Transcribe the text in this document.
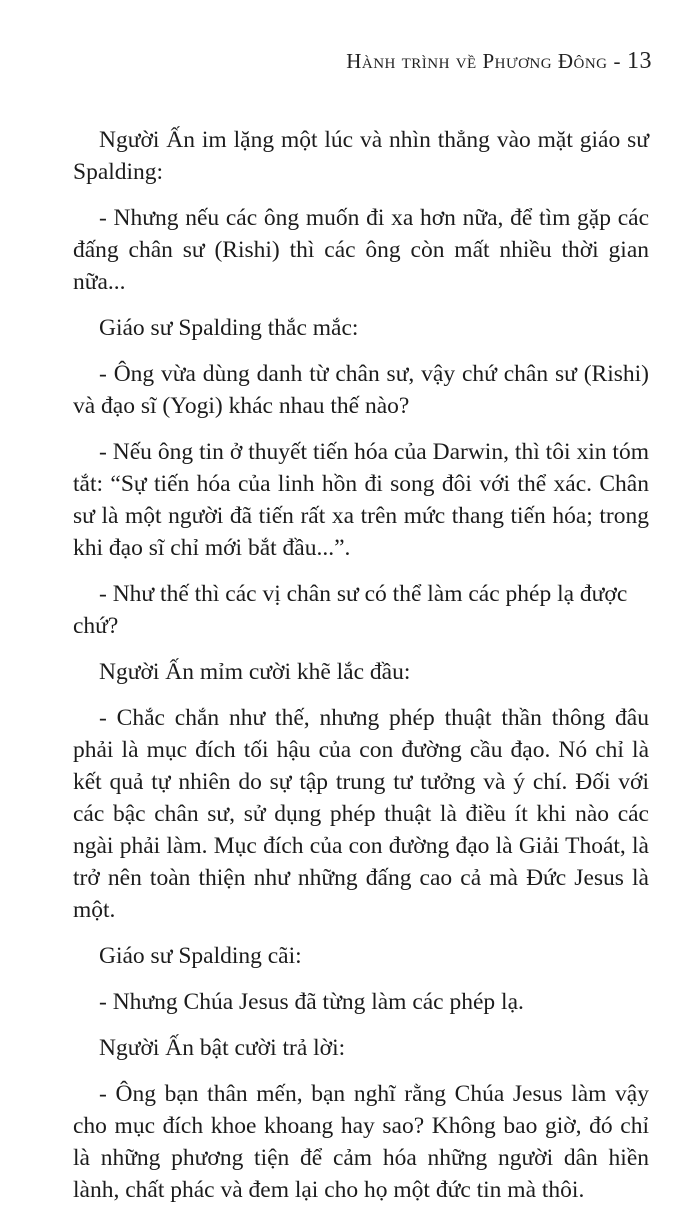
Hành trình về Phương Đông - 13

Người Ấn im lặng một lúc và nhìn thẳng vào mặt giáo sư Spalding:

- Nhưng nếu các ông muốn đi xa hơn nữa, để tìm gặp các đấng chân sư (Rishi) thì các ông còn mất nhiều thời gian nữa...

Giáo sư Spalding thắc mắc:

- Ông vừa dùng danh từ chân sư, vậy chứ chân sư (Rishi) và đạo sĩ (Yogi) khác nhau thế nào?

- Nếu ông tin ở thuyết tiến hóa của Darwin, thì tôi xin tóm tắt: “Sự tiến hóa của linh hồn đi song đôi với thể xác. Chân sư là một người đã tiến rất xa trên mức thang tiến hóa; trong khi đạo sĩ chỉ mới bắt đầu...”.

- Như thế thì các vị chân sư có thể làm các phép lạ được chứ?

Người Ấn mỉm cười khẽ lắc đầu:

- Chắc chắn như thế, nhưng phép thuật thần thông đâu phải là mục đích tối hậu của con đường cầu đạo. Nó chỉ là kết quả tự nhiên do sự tập trung tư tưởng và ý chí. Đối với các bậc chân sư, sử dụng phép thuật là điều ít khi nào các ngài phải làm. Mục đích của con đường đạo là Giải Thoát, là trở nên toàn thiện như những đấng cao cả mà Đức Jesus là một.

Giáo sư Spalding cãi:

- Nhưng Chúa Jesus đã từng làm các phép lạ.

Người Ấn bật cười trả lời:

- Ông bạn thân mến, bạn nghĩ rằng Chúa Jesus làm vậy cho mục đích khoe khoang hay sao? Không bao giờ, đó chỉ là những phương tiện để cảm hóa những người dân hiền lành, chất phác và đem lại cho họ một đức tin mà thôi.
